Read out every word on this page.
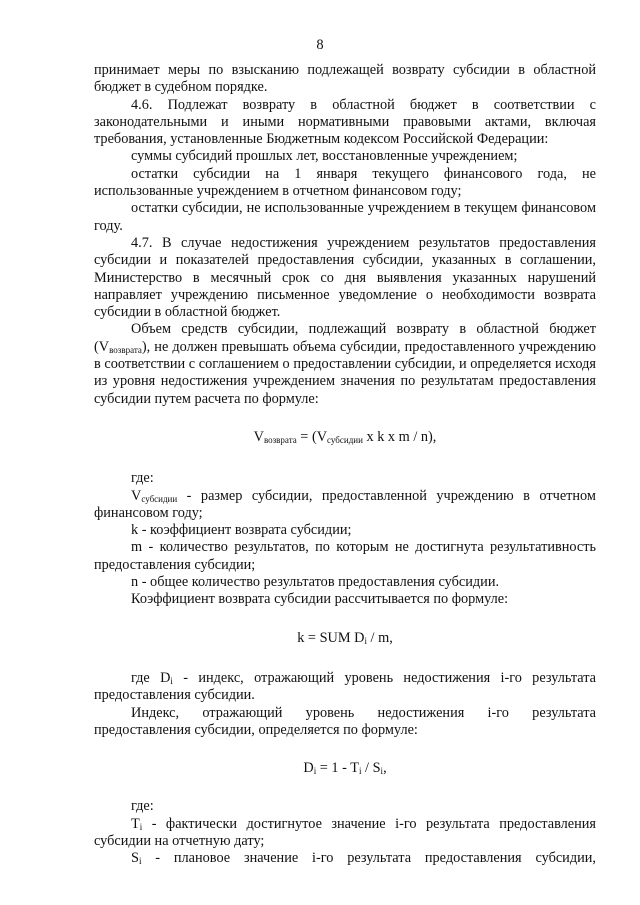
8

принимает меры по взысканию подлежащей возврату субсидии в областной бюджет в судебном порядке.

4.6. Подлежат возврату в областной бюджет в соответствии с законодательными и иными нормативными правовыми актами, включая требования, установленные Бюджетным кодексом Российской Федерации:

суммы субсидий прошлых лет, восстановленные учреждением;

остатки субсидии на 1 января текущего финансового года, не использованные учреждением в отчетном финансовом году;

остатки субсидии, не использованные учреждением в текущем финансовом году.

4.7. В случае недостижения учреждением результатов предоставления субсидии и показателей предоставления субсидии, указанных в соглашении, Министерство в месячный срок со дня выявления указанных нарушений направляет учреждению письменное уведомление о необходимости возврата субсидии в областной бюджет.

Объем средств субсидии, подлежащий возврату в областной бюджет $(V_{возврата})$, не должен превышать объема субсидии, предоставленного учреждению в соответствии с соглашением о предоставлении субсидии, и определяется исходя из уровня недостижения учреждением значения по результатам предоставления субсидии путем расчета по формуле:

$V_{возврата} = (V_{субсидии}$ x k x m / n),

где:

$V_{субсидии}$ - размер субсидии, предоставленной учреждению в отчетном финансовом году;

k - коэффициент возврата субсидии;

m - количество результатов, по которым не достигнута результативность предоставления субсидии;

n - общее количество результатов предоставления субсидии.

Коэффициент возврата субсидии рассчитывается по формуле:

k = SUM $D_i$ / m,

где $D_i$ - индекс, отражающий уровень недостижения i-го результата предоставления субсидии.

Индекс, отражающий уровень недостижения i-го результата предоставления субсидии, определяется по формуле:

$D_i = 1 - T_i / S_i$,

где:

$T_i$ - фактически достигнутое значение i-го результата предоставления субсидии на отчетную дату;

$S_i$ - плановое значение i-го результата предоставления субсидии,
